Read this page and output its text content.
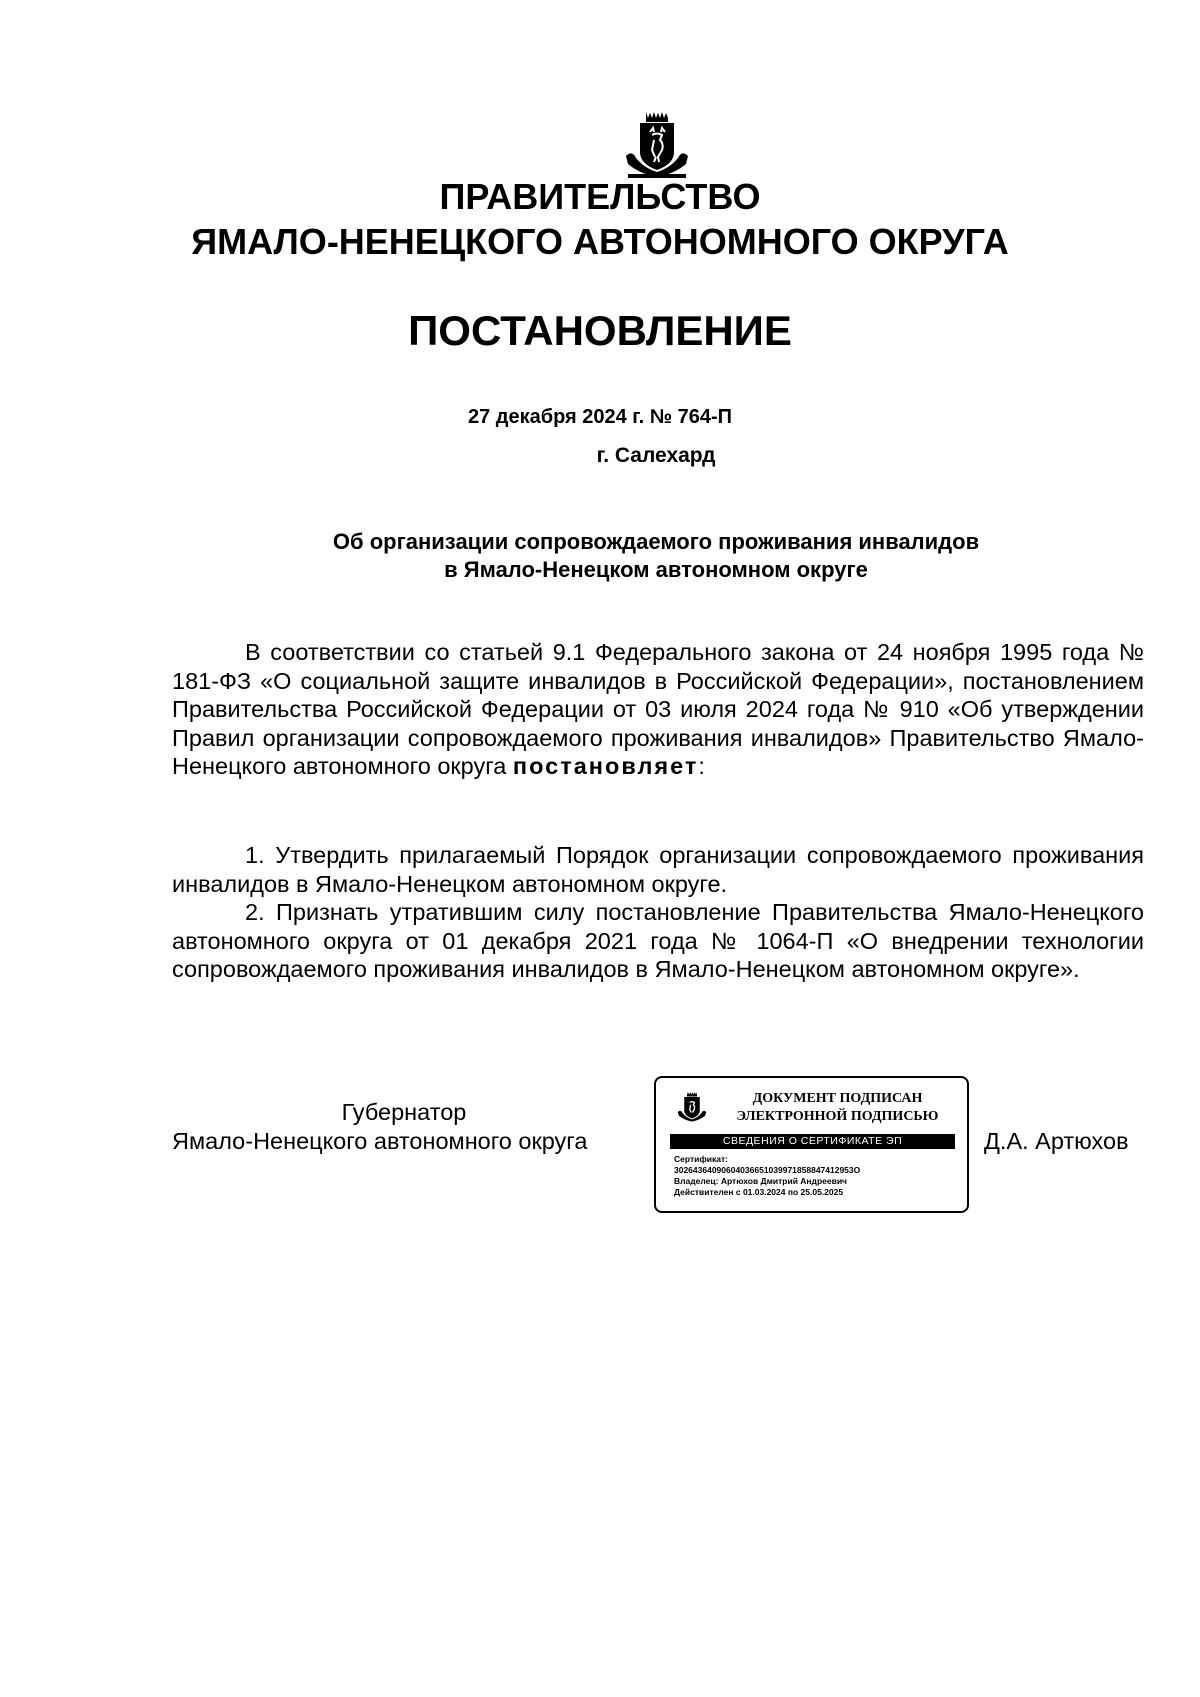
ПРАВИТЕЛЬСТВО
ЯМАЛО-НЕНЕЦКОГО АВТОНОМНОГО ОКРУГА
ПОСТАНОВЛЕНИЕ
27 декабря 2024 г. № 764-П
г. Салехард
Об организации сопровождаемого проживания инвалидов
в Ямало-Ненецком автономном округе

В соответствии со статьей 9.1 Федерального закона от 24 ноября 1995 года № 181-ФЗ «О социальной защите инвалидов в Российской Федерации», постановлением Правительства Российской Федерации от 03 июля 2024 года № 910 «Об утверждении Правил организации сопровождаемого проживания инвалидов» Правительство Ямало-Ненецкого автономного округа постановляет:

1. Утвердить прилагаемый Порядок организации сопровождаемого проживания инвалидов в Ямало-Ненецком автономном округе.

2. Признать утратившим силу постановление Правительства Ямало-Ненецкого автономного округа от 01 декабря 2021 года № 1064-П «О внедрении технологии сопровождаемого проживания инвалидов в Ямало-Ненецком автономном округе».

Губернатор
Ямало-Ненецкого автономного округа
ДОКУМЕНТ ПОДПИСАН
ЭЛЕКТРОННОЙ ПОДПИСЬЮ
СВЕДЕНИЯ О СЕРТИФИКАТЕ ЭП
Сертификат:
30264364090604036651039971858847412953O
Владелец: Артюхов Дмитрий Андреевич
Действителен с 01.03.2024 по 25.05.2025
Д.А. Артюхов
